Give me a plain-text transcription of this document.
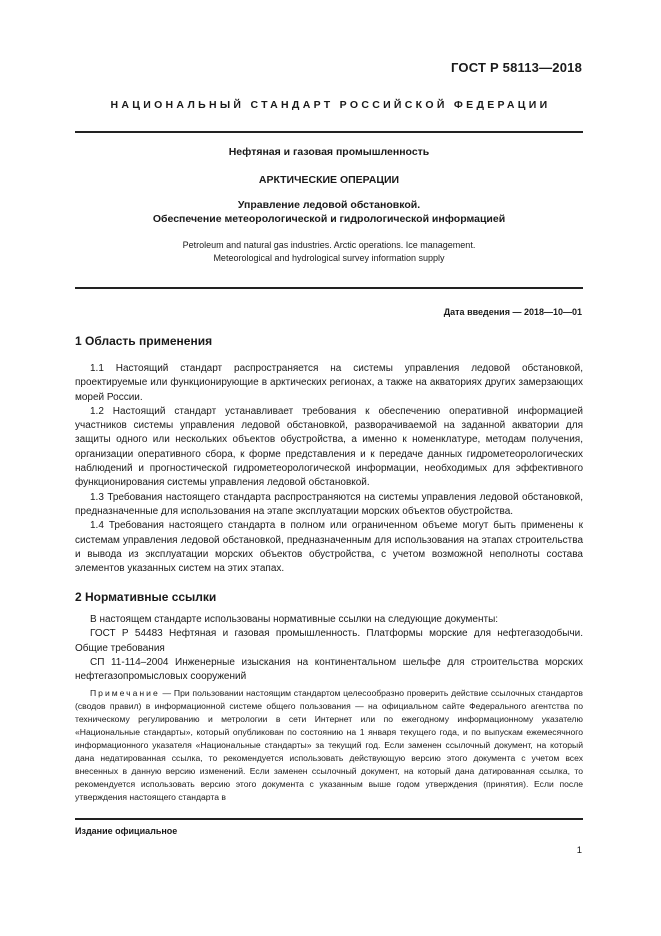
ГОСТ Р 58113—2018
НАЦИОНАЛЬНЫЙ СТАНДАРТ РОССИЙСКОЙ ФЕДЕРАЦИИ
Нефтяная и газовая промышленность
АРКТИЧЕСКИЕ ОПЕРАЦИИ
Управление ледовой обстановкой.
Обеспечение метеорологической и гидрологической информацией
Petroleum and natural gas industries. Arctic operations. Ice management.
Meteorological and hydrological survey information supply
Дата введения — 2018—10—01
1 Область применения

1.1 Настоящий стандарт распространяется на системы управления ледовой обстановкой, проектируемые или функционирующие в арктических регионах, а также на акваториях других замерзающих морей России.

1.2 Настоящий стандарт устанавливает требования к обеспечению оперативной информацией участников системы управления ледовой обстановкой, разворачиваемой на заданной акватории для защиты одного или нескольких объектов обустройства, а именно к номенклатуре, методам получения, организации оперативного сбора, к форме представления и к передаче данных гидрометеорологических наблюдений и прогностической гидрометеорологической информации, необходимых для эффективного функционирования системы управления ледовой обстановкой.

1.3 Требования настоящего стандарта распространяются на системы управления ледовой обстановкой, предназначенные для использования на этапе эксплуатации морских объектов обустройства.

1.4 Требования настоящего стандарта в полном или ограниченном объеме могут быть применены к системам управления ледовой обстановкой, предназначенным для использования на этапах строительства и вывода из эксплуатации морских объектов обустройства, с учетом возможной неполноты состава элементов указанных систем на этих этапах.

2 Нормативные ссылки

В настоящем стандарте использованы нормативные ссылки на следующие документы:

ГОСТ Р 54483 Нефтяная и газовая промышленность. Платформы морские для нефтегазодобычи. Общие требования

СП 11-114–2004 Инженерные изыскания на континентальном шельфе для строительства морских нефтегазопромысловых сооружений

Примечание — При пользовании настоящим стандартом целесообразно проверить действие ссылочных стандартов (сводов правил) в информационной системе общего пользования — на официальном сайте Федерального агентства по техническому регулированию и метрологии в сети Интернет или по ежегодному информационному указателю «Национальные стандарты», который опубликован по состоянию на 1 января текущего года, и по выпускам ежемесячного информационного указателя «Национальные стандарты» за текущий год. Если заменен ссылочный документ, на который дана недатированная ссылка, то рекомендуется использовать действующую версию этого документа с учетом всех внесенных в данную версию изменений. Если заменен ссылочный документ, на который дана датированная ссылка, то рекомендуется использовать версию этого документа с указанным выше годом утверждения (принятия). Если после утверждения настоящего стандарта в

Издание официальное
1
